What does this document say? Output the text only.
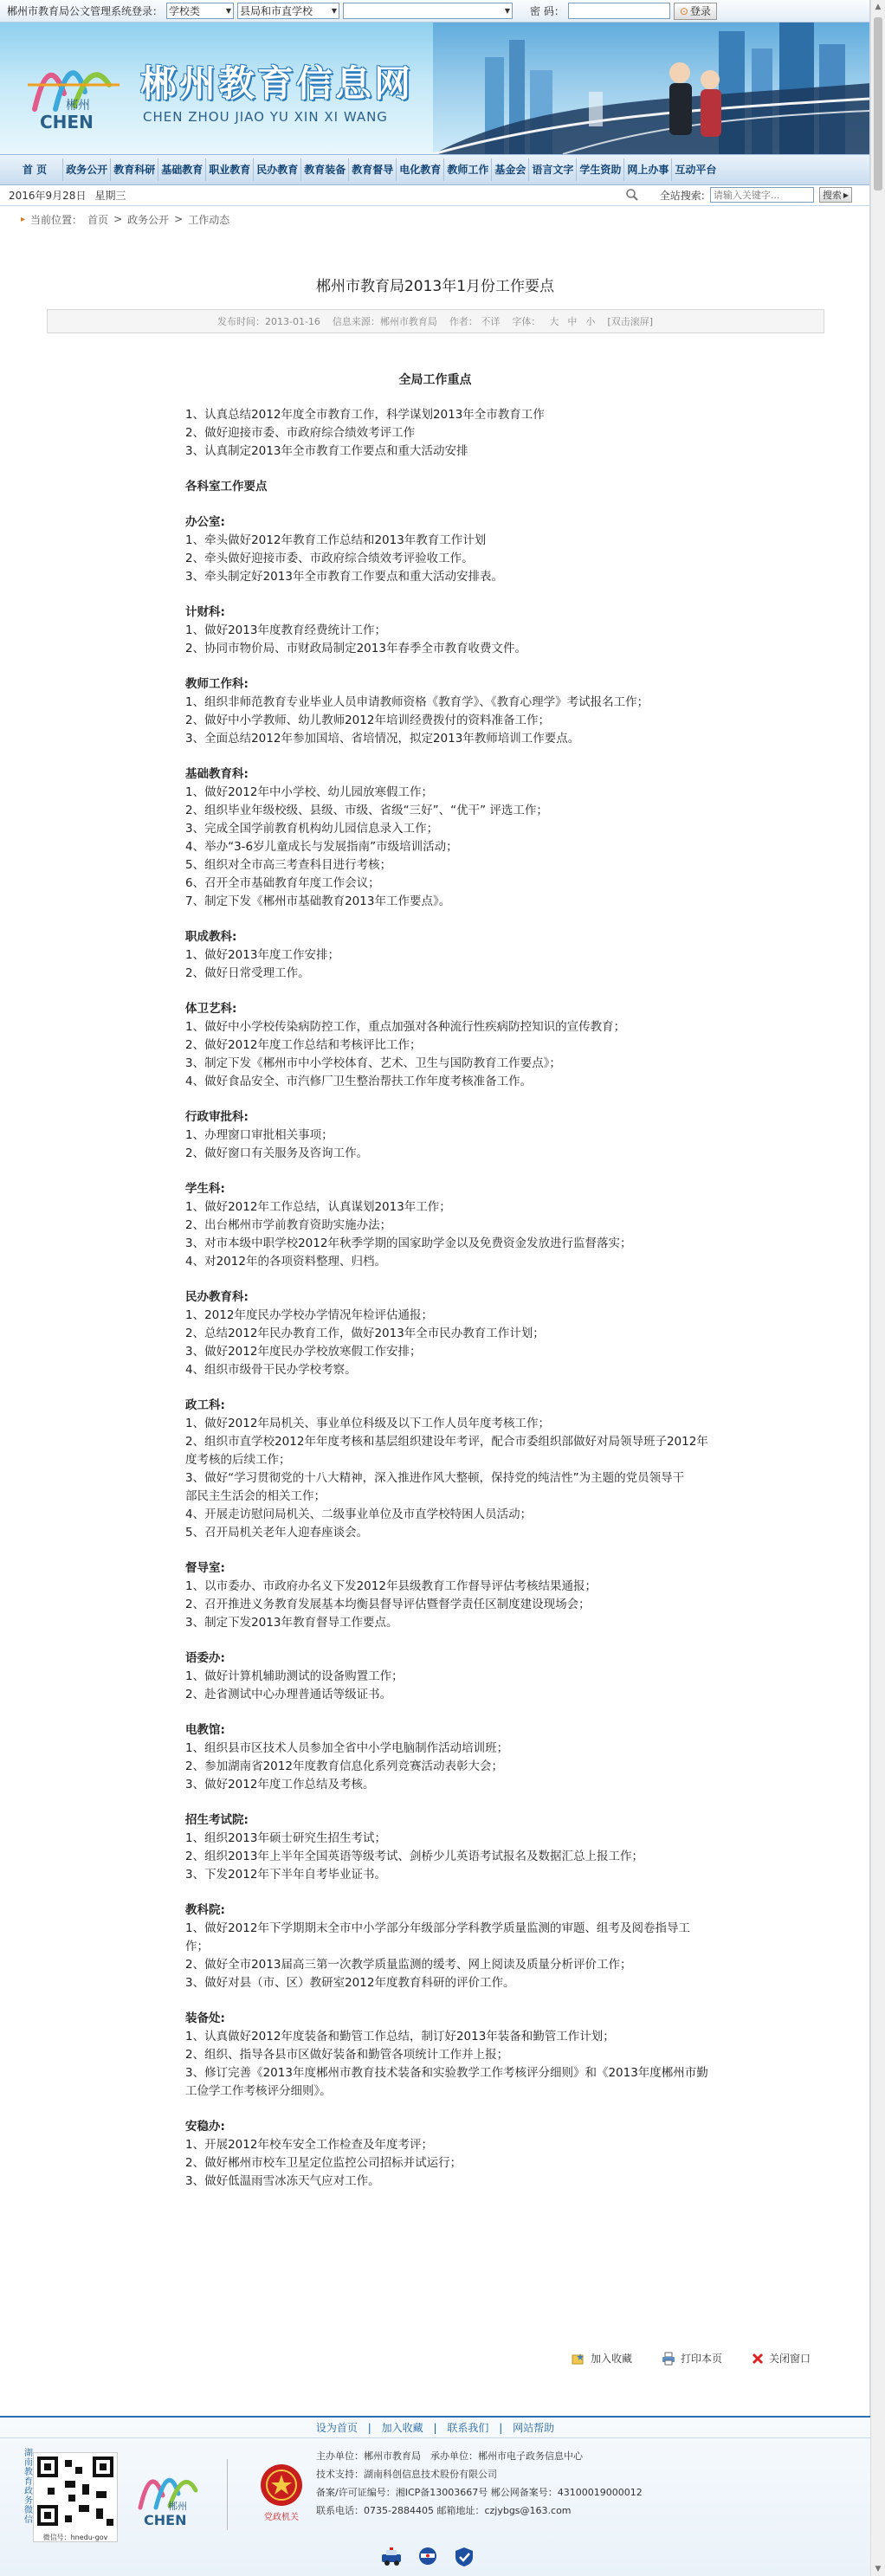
郴州市教育局公文管理系统登录： 学校类	▼ 县局和市直学校	▼	▼ 密 码：	⊙ 登录
郴州
CHEN
郴州教育信息网
CHEN ZHOU JIAO YU XIN XI WANG
首 页	政务公开 教育科研 基础教育 职业教育 民办教育 教育装备 教育督导 电化教育 教师工作 基金会 语言文字 学生资助 网上办事 互动平台
2016年9月28日 星期三	全站搜索:
请输入关键字...	搜索 ▶
▸ 当前位置： 首页 > 政务公开 > 工作动态
郴州市教育局2013年1月份工作要点
发布时间：2013-01-16 信息来源：郴州市教育局 作者： 不详 字体： 大 中 小 [双击滚屏]
全局工作重点
1、认真总结2012年度全市教育工作，科学谋划2013年全市教育工作
2、做好迎接市委、市政府综合绩效考评工作
3、认真制定2013年全市教育工作要点和重大活动安排
各科室工作要点
办公室:
1、牵头做好2012年教育工作总结和2013年教育工作计划
2、牵头做好迎接市委、市政府综合绩效考评验收工作。
3、牵头制定好2013年全市教育工作要点和重大活动安排表。
计财科:
1、做好2013年度教育经费统计工作；
2、协同市物价局、市财政局制定2013年春季全市教育收费文件。
教师工作科:
1、组织非师范教育专业毕业人员申请教师资格《教育学》、《教育心理学》考试报名工作；
2、做好中小学教师、幼儿教师2012年培训经费拨付的资料准备工作；
3、全面总结2012年参加国培、省培情况，拟定2013年教师培训工作要点。
基础教育科:
1、做好2012年中小学校、幼儿园放寒假工作；
2、组织毕业年级校级、县级、市级、省级“三好”、“优干” 评选工作；
3、完成全国学前教育机构幼儿园信息录入工作；
4、举办“3-6岁儿童成长与发展指南”市级培训活动；
5、组织对全市高三考查科目进行考核；
6、召开全市基础教育年度工作会议；
7、制定下发《郴州市基础教育2013年工作要点》。
职成教科:
1、做好2013年度工作安排；
2、做好日常受理工作。
体卫艺科:
1、做好中小学校传染病防控工作，重点加强对各种流行性疾病防控知识的宣传教育；
2、做好2012年度工作总结和考核评比工作；
3、制定下发《郴州市中小学校体育、艺术、卫生与国防教育工作要点》；
4、做好食品安全、市汽修厂卫生整治帮扶工作年度考核准备工作。
行政审批科:
1、办理窗口审批相关事项；
2、做好窗口有关服务及咨询工作。
学生科:
1、做好2012年工作总结，认真谋划2013年工作；
2、出台郴州市学前教育资助实施办法；
3、对市本级中职学校2012年秋季学期的国家助学金以及免费资金发放进行监督落实；
4、对2012年的各项资料整理、归档。
民办教育科:
1、2012年度民办学校办学情况年检评估通报；
2、总结2012年民办教育工作，做好2013年全市民办教育工作计划；
3、做好2012年度民办学校放寒假工作安排；
4、组织市级骨干民办学校考察。
政工科:
1、做好2012年局机关、事业单位科级及以下工作人员年度考核工作；
2、组织市直学校2012年年度考核和基层组织建设年考评，配合市委组织部做好对局领导班子2012年
度考核的后续工作；
3、做好“学习贯彻党的十八大精神，深入推进作风大整顿，保持党的纯洁性”为主题的党员领导干
部民主生活会的相关工作；
4、开展走访慰问局机关、二级事业单位及市直学校特困人员活动；
5、召开局机关老年人迎春座谈会。
督导室:
1、以市委办、市政府办名义下发2012年县级教育工作督导评估考核结果通报；
2、召开推进义务教育发展基本均衡县督导评估暨督学责任区制度建设现场会；
3、制定下发2013年教育督导工作要点。
语委办:
1、做好计算机辅助测试的设备购置工作；
2、赴省测试中心办理普通话等级证书。
电教馆:
1、组织县市区技术人员参加全省中小学电脑制作活动培训班；
2、参加湖南省2012年度教育信息化系列竞赛活动表彰大会；
3、做好2012年度工作总结及考核。
招生考试院:
1、组织2013年硕士研究生招生考试；
2、组织2013年上半年全国英语等级考试、剑桥少儿英语考试报名及数据汇总上报工作；
3、下发2012年下半年自考毕业证书。
教科院:
1、做好2012年下学期期末全市中小学部分年级部分学科教学质量监测的审题、组考及阅卷指导工
作；
2、做好全市2013届高三第一次教学质量监测的缓考、网上阅读及质量分析评价工作；
3、做好对县（市、区）教研室2012年度教育科研的评价工作。
装备处:
1、认真做好2012年度装备和勤管工作总结，制订好2013年装备和勤管工作计划；
2、组织、指导各县市区做好装备和勤管各项统计工作并上报；
3、修订完善《2013年度郴州市教育技术装备和实验教学工作考核评分细则》和《2013年度郴州市勤
工俭学工作考核评分细则》。
安稳办:
1、开展2012年校车安全工作检查及年度考评；
2、做好郴州市校车卫星定位监控公司招标并试运行；
3、做好低温雨雪冰冻天气应对工作。
加入收藏	打印本页	关闭窗口
设为首页 | 加入收藏 | 联系我们 | 网站帮助
湖南教育政务微信
微信号：hnedu-gov
郴州
CHEN	党政机关
主办单位：郴州市教育局　承办单位：郴州市电子政务信息中心
技术支持：湖南科创信息技术股份有限公司
备案/许可证编号：湘ICP备13003667号 郴公网备案号：43100019000012
联系电话：0735-2884405 邮箱地址：czjybgs@163.com
▲
▼
